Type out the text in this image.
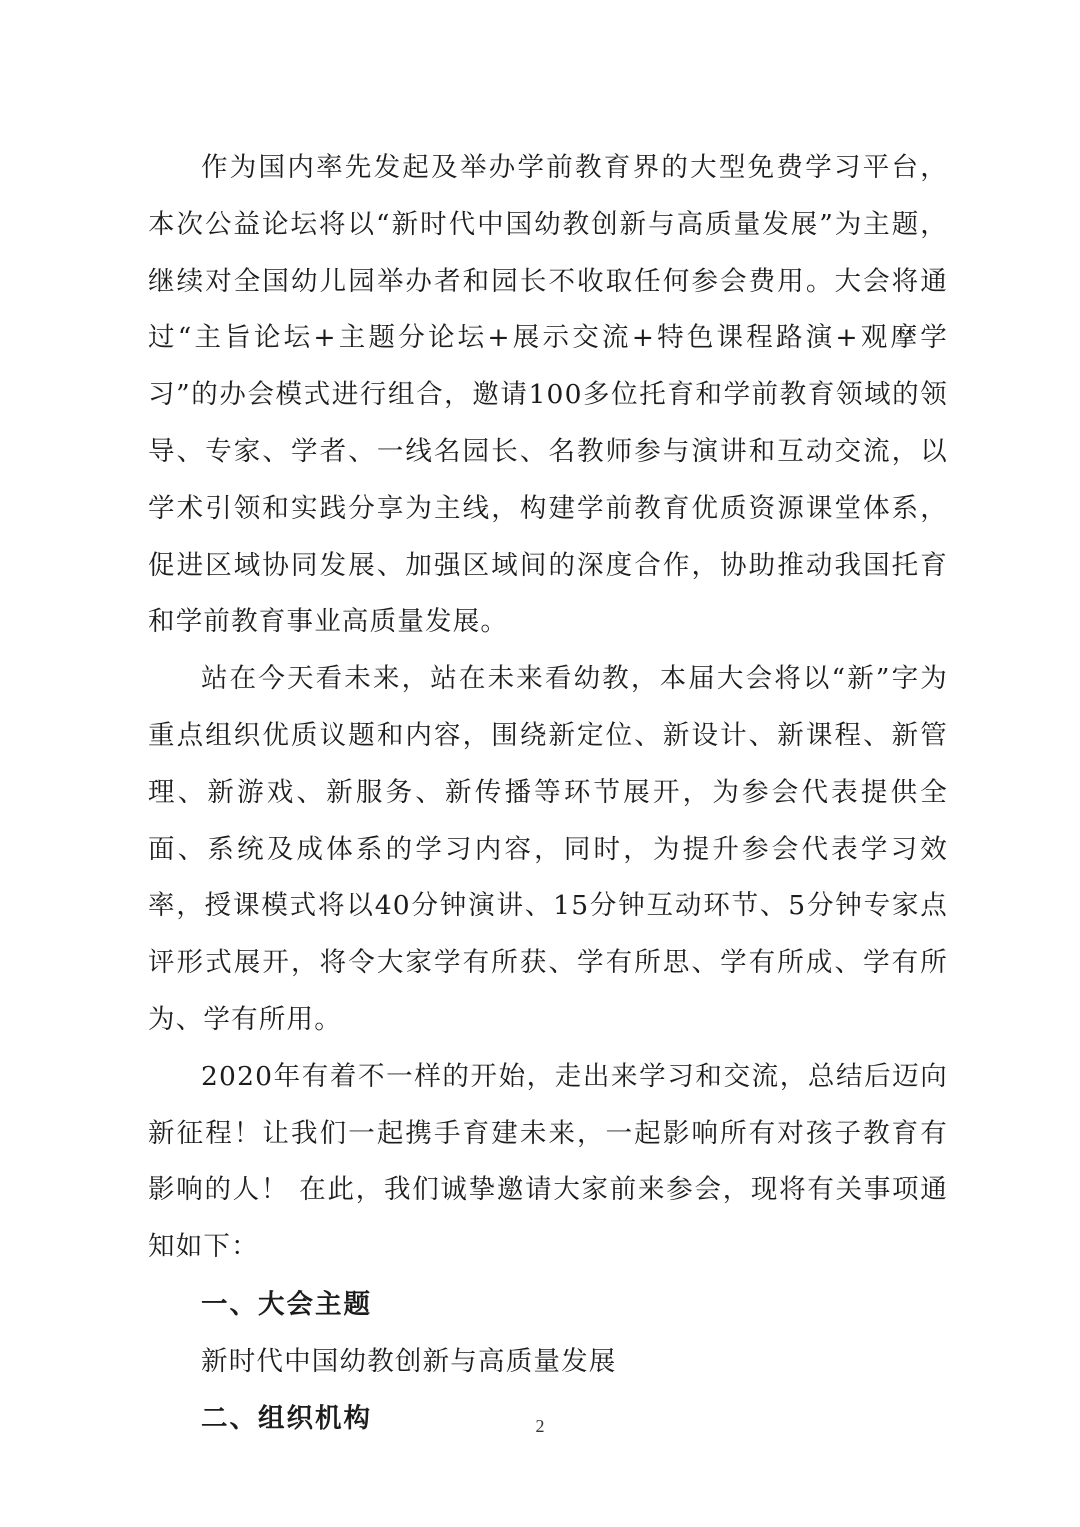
作为国内率先发起及举办学前教育界的大型免费学习平台，本次公益论坛将以“新时代中国幼教创新与高质量发展”为主题，继续对全国幼儿园举办者和园长不收取任何参会费用。大会将通过“主旨论坛+主题分论坛+展示交流+特色课程路演+观摩学习”的办会模式进行组合，邀请100多位托育和学前教育领域的领导、专家、学者、一线名园长、名教师参与演讲和互动交流，以学术引领和实践分享为主线，构建学前教育优质资源课堂体系，促进区域协同发展、加强区域间的深度合作，协助推动我国托育和学前教育事业高质量发展。

站在今天看未来，站在未来看幼教，本届大会将以“新”字为重点组织优质议题和内容，围绕新定位、新设计、新课程、新管理、新游戏、新服务、新传播等环节展开，为参会代表提供全面、系统及成体系的学习内容，同时，为提升参会代表学习效率，授课模式将以40分钟演讲、15分钟互动环节、5分钟专家点评形式展开，将令大家学有所获、学有所思、学有所成、学有所为、学有所用。

2020年有着不一样的开始，走出来学习和交流，总结后迈向新征程！让我们一起携手育建未来，一起影响所有对孩子教育有影响的人！ 在此，我们诚挚邀请大家前来参会，现将有关事项通知如下：

一、大会主题

新时代中国幼教创新与高质量发展

二、组织机构	2
